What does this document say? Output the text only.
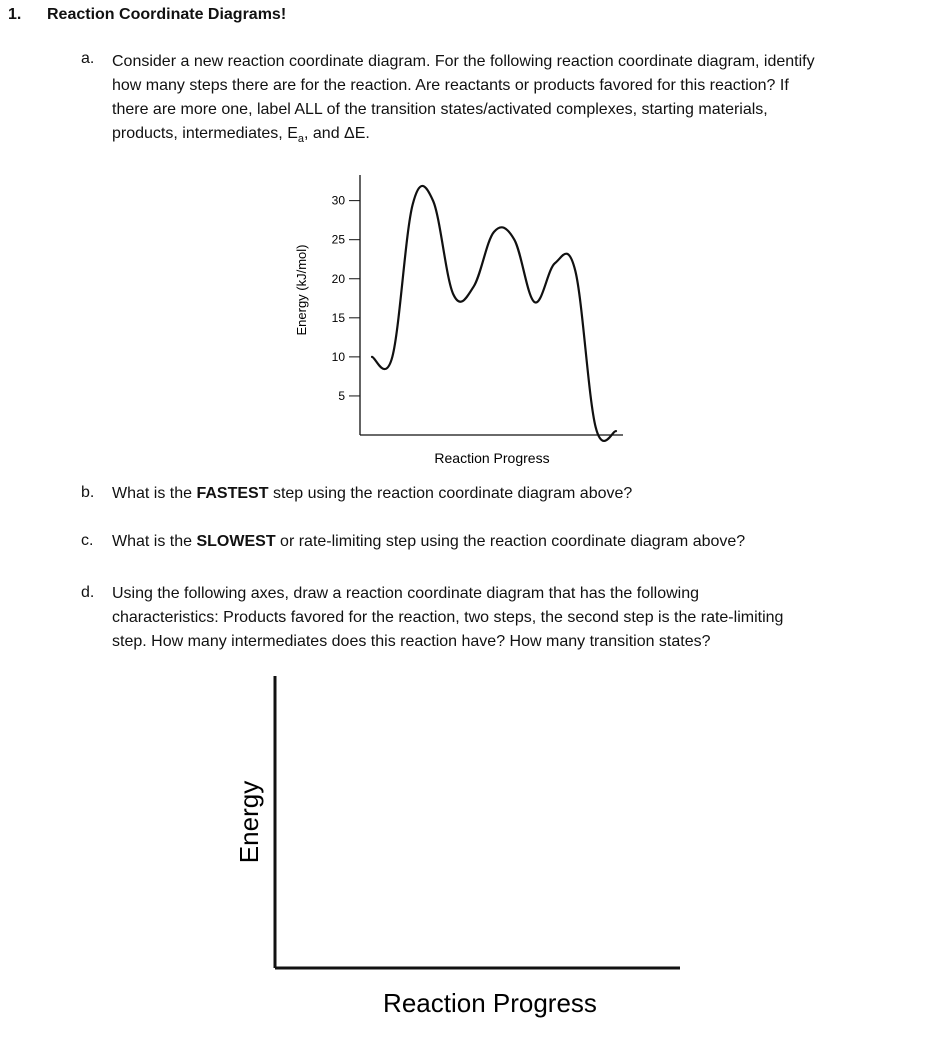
1. Reaction Coordinate Diagrams!
a. Consider a new reaction coordinate diagram. For the following reaction coordinate diagram, identify
how many steps there are for the reaction. Are reactants or products favored for this reaction? If
there are more one, label ALL of the transition states/activated complexes, starting materials,
products, intermediates, $E_a$, and ΔE.
30
25
20
15
10
5
Energy (kJ/mol)
Reaction Progress
b. What is the FASTEST step using the reaction coordinate diagram above?
c. What is the SLOWEST or rate-limiting step using the reaction coordinate diagram above?
d. Using the following axes, draw a reaction coordinate diagram that has the following
characteristics: Products favored for the reaction, two steps, the second step is the rate-limiting
step. How many intermediates does this reaction have? How many transition states?
Energy
Reaction Progress
